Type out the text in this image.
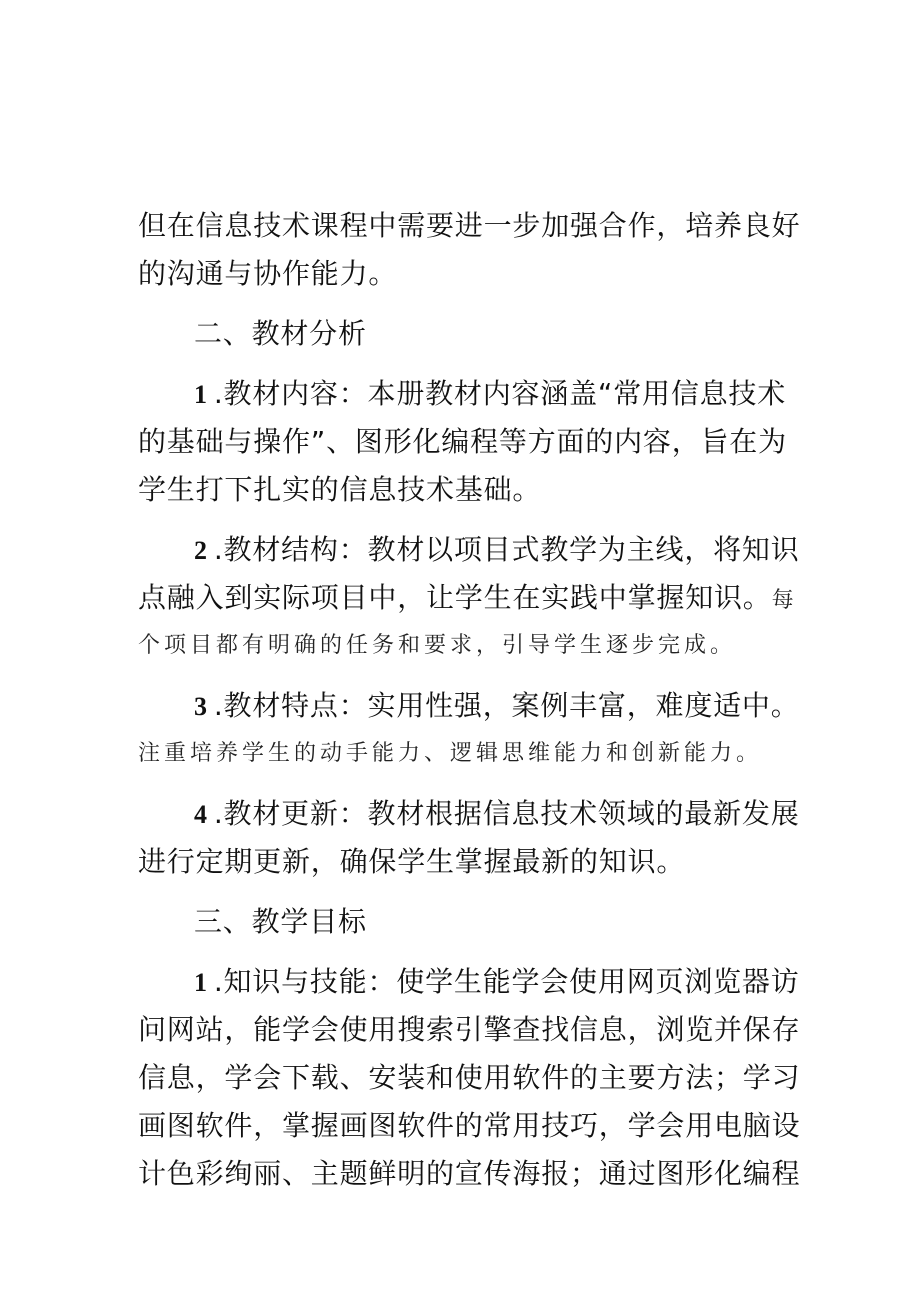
但在信息技术课程中需要进一步加强合作，培养良好
的沟通与协作能力。
二、教材分析
1 .教材内容：本册教材内容涵盖“常用信息技术
的基础与操作”、图形化编程等方面的内容，旨在为
学生打下扎实的信息技术基础。
2 .教材结构：教材以项目式教学为主线，将知识
点融入到实际项目中，让学生在实践中掌握知识。每
个项目都有明确的任务和要求，引导学生逐步完成。
3 .教材特点：实用性强，案例丰富，难度适中。
注重培养学生的动手能力、逻辑思维能力和创新能力。
4 .教材更新：教材根据信息技术领域的最新发展
进行定期更新，确保学生掌握最新的知识。
三、教学目标
1 .知识与技能：使学生能学会使用网页浏览器访
问网站，能学会使用搜索引擎查找信息，浏览并保存
信息，学会下载、安装和使用软件的主要方法；学习
画图软件，掌握画图软件的常用技巧，学会用电脑设
计色彩绚丽、主题鲜明的宣传海报；通过图形化编程
